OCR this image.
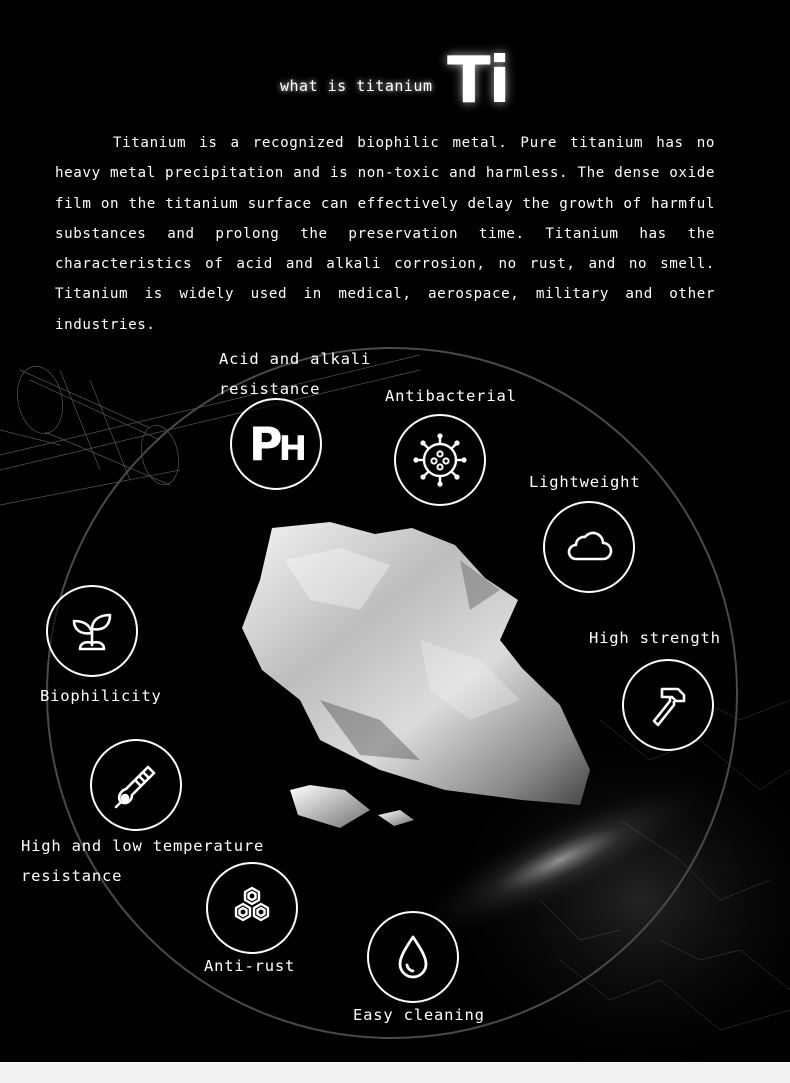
what is titanium Ti

Titanium is a recognized biophilic metal. Pure titanium has no heavy metal precipitation and is non-toxic and harmless. The dense oxide film on the titanium surface can effectively delay the growth of harmful substances and prolong the preservation time. Titanium has the characteristics of acid and alkali corrosion, no rust, and no smell. Titanium is widely used in medical, aerospace, military and other industries.

Acid and alkali
resistance
PH
Antibacterial
Lightweight
High strength
Biophilicity
High and low temperature
resistance
Anti-rust
Easy cleaning
